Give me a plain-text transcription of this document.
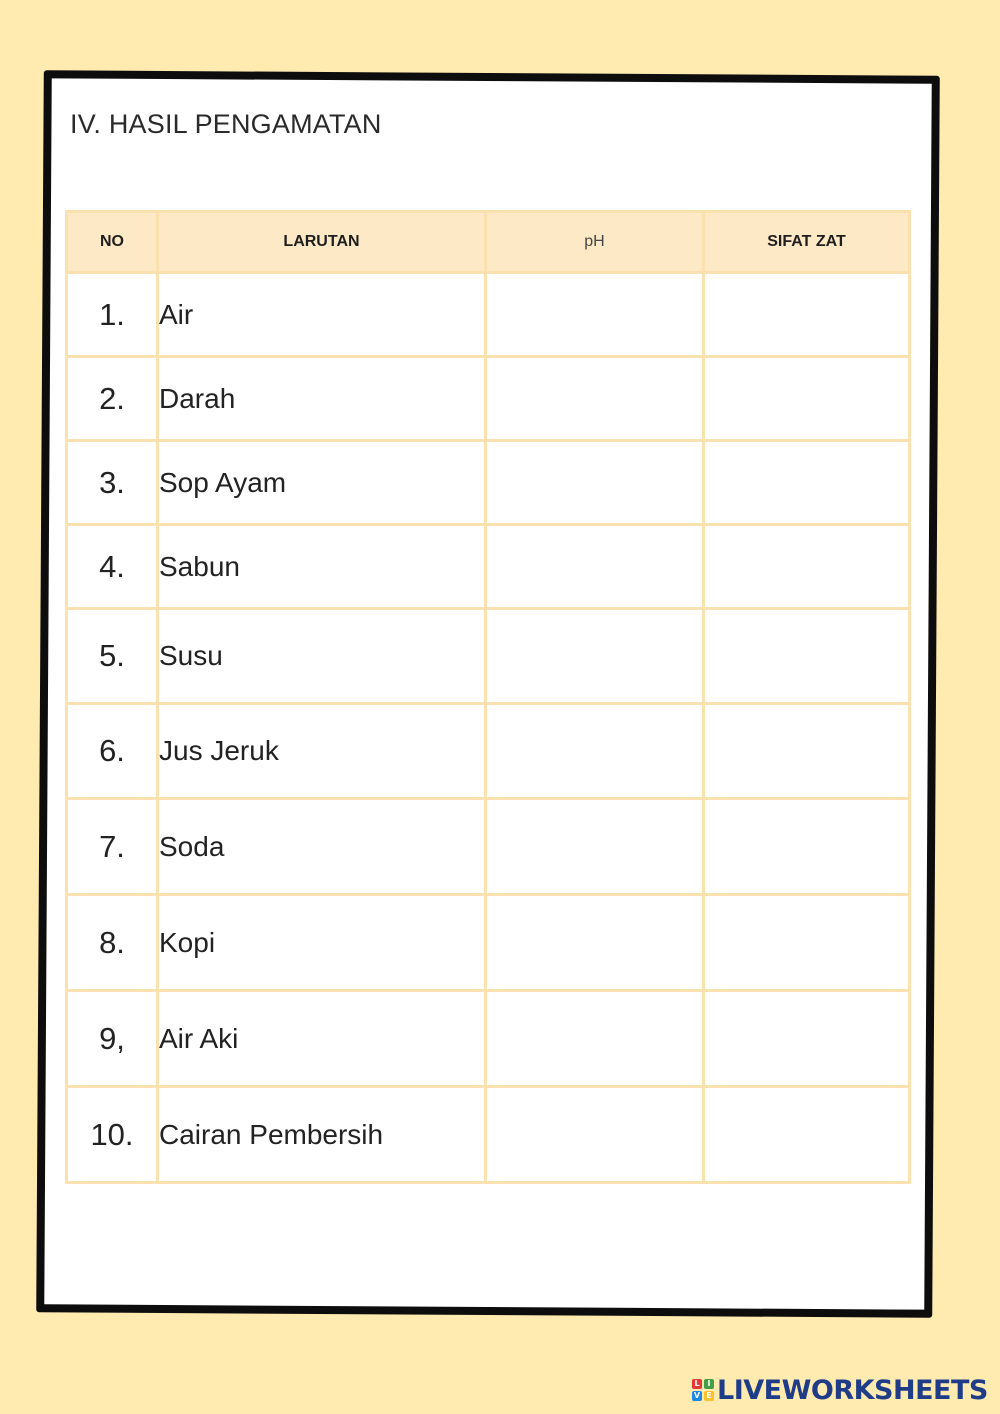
IV. HASIL PENGAMATAN
NO	LARUTAN	pH	SIFAT ZAT
1.	Air		
2.	Darah		
3.	Sop Ayam		
4.	Sabun		
5.	Susu		
6.	Jus Jeruk		
7.	Soda		
8.	Kopi		
9,	Air Aki		
10.	Cairan Pembersih		
L I
V E LIVEWORKSHEETS
